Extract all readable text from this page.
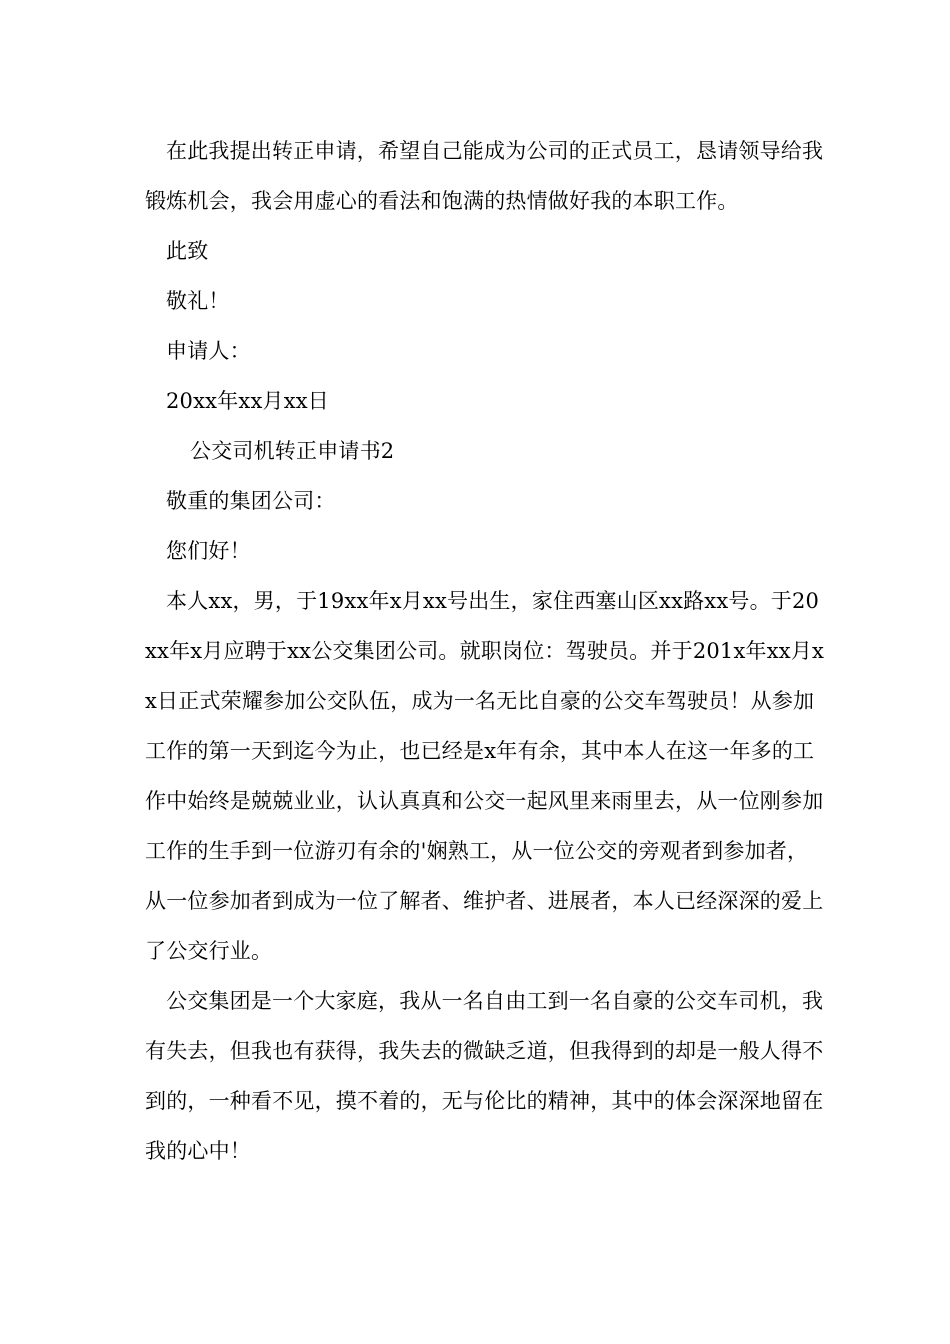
在此我提出转正申请，希望自己能成为公司的正式员工，恳请领导给我锻炼机会，我会用虚心的看法和饱满的热情做好我的本职工作。

此致

敬礼！

申请人：

20xx年xx月xx日

公交司机转正申请书2

敬重的集团公司：

您们好！

本人xx，男，于19xx年x月xx号出生，家住西塞山区xx路xx号。于20xx年x月应聘于xx公交集团公司。就职岗位：驾驶员。并于201x年xx月xx日正式荣耀参加公交队伍，成为一名无比自豪的公交车驾驶员！从参加工作的第一天到迄今为止，也已经是x年有余，其中本人在这一年多的工作中始终是兢兢业业，认认真真和公交一起风里来雨里去，从一位刚参加工作的生手到一位游刃有余的'娴熟工，从一位公交的旁观者到参加者，从一位参加者到成为一位了解者、维护者、进展者，本人已经深深的爱上了公交行业。

公交集团是一个大家庭，我从一名自由工到一名自豪的公交车司机，我有失去，但我也有获得，我失去的微缺乏道，但我得到的却是一般人得不到的，一种看不见，摸不着的，无与伦比的精神，其中的体会深深地留在我的心中！
